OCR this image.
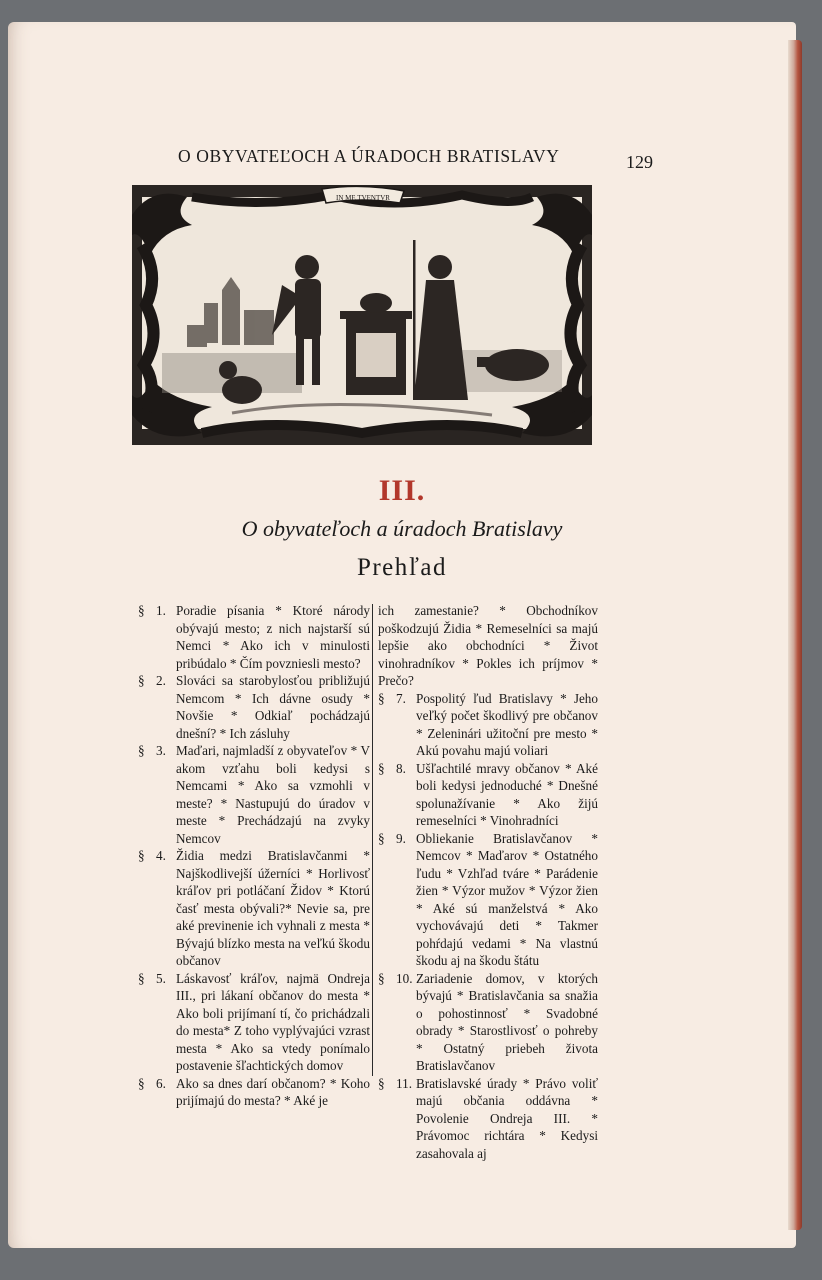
O OBYVATEĽOCH A ÚRADOCH BRATISLAVY	129
IN ME TVENTVR
III.
O obyvateľoch a úradoch Bratislavy
Prehľad
§ 1. Poradie písania * Ktoré národy obývajú mesto; z nich najstarší sú Nemci * Ako ich v minulosti pribúdalo * Čím povzniesli mesto?
§ 2. Slováci sa starobylosťou približujú Nemcom * Ich dávne osudy * Novšie * Odkiaľ pochádzajú dnešní? * Ich zásluhy
§ 3. Maďari, najmladší z obyvateľov * V akom vzťahu boli kedysi s Nemcami * Ako sa vzmohli v meste? * Nastupujú do úradov v meste * Prechádzajú na zvyky Nemcov
§ 4. Židia medzi Bratislavčanmi * Najškodlivejší úžerníci * Horlivosť kráľov pri potláčaní Židov * Ktorú časť mesta obývali?* Nevie sa, pre aké previnenie ich vyhnali z mesta * Bývajú blízko mesta na veľkú škodu občanov
§ 5. Láskavosť kráľov, najmä Ondreja III., pri lákaní občanov do mesta * Ako boli prijímaní tí, čo prichádzali do mesta* Z toho vyplývajúci vzrast mesta * Ako sa vtedy ponímalo postavenie šľachtických domov
§ 6. Ako sa dnes darí občanom? * Koho prijímajú do mesta? * Aké je
ich zamestanie? * Obchodníkov poškodzujú Židia * Remeselníci sa majú lepšie ako obchodníci * Život vinohradníkov * Pokles ich príjmov * Prečo?
§ 7. Pospolitý ľud Bratislavy * Jeho veľký počet škodlivý pre občanov * Zeleninári užitoční pre mesto * Akú povahu majú voliari
§ 8. Ušľachtilé mravy občanov * Aké boli kedysi jednoduché * Dnešné spolunažívanie * Ako žijú remeselníci * Vinohradníci
§ 9. Obliekanie Bratislavčanov * Nemcov * Maďarov * Ostatného ľudu * Vzhľad tváre * Parádenie žien * Výzor mužov * Výzor žien * Aké sú manželstvá * Ako vychovávajú deti * Takmer pohŕdajú vedami * Na vlastnú škodu aj na škodu štátu
§ 10. Zariadenie domov, v ktorých bývajú * Bratislavčania sa snažia o pohostinnosť * Svadobné obrady * Starostlivosť o pohreby * Ostatný priebeh života Bratislavčanov
§ 11. Bratislavské úrady * Právo voliť majú občania oddávna * Povolenie Ondreja III. * Právomoc richtára * Kedysi zasahovala aj
